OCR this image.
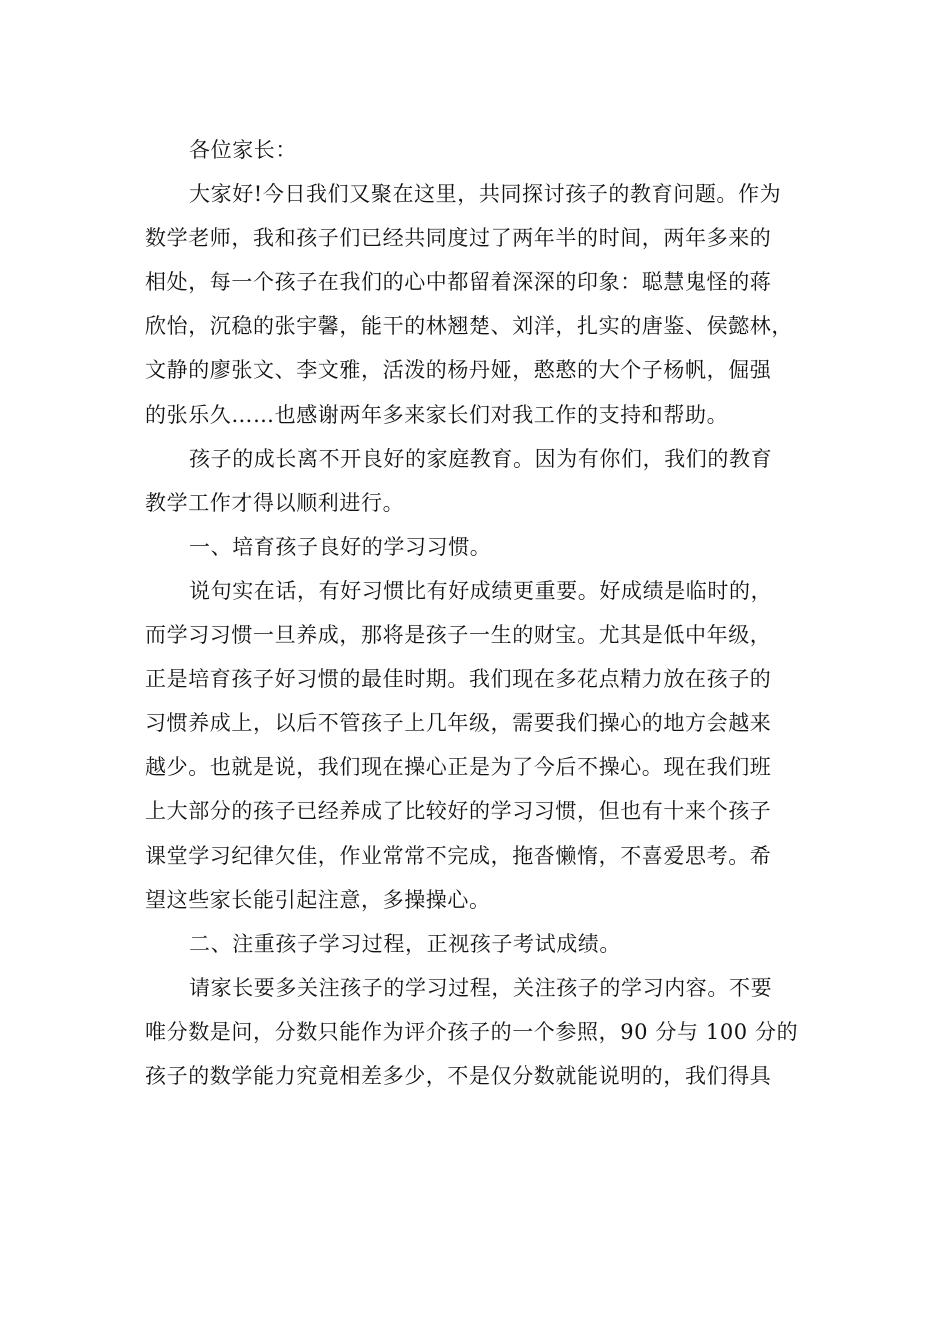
各位家长：
大家好!今日我们又聚在这里，共同探讨孩子的教育问题。作为
数学老师，我和孩子们已经共同度过了两年半的时间，两年多来的
相处，每一个孩子在我们的心中都留着深深的印象：聪慧鬼怪的蒋
欣怡，沉稳的张宇馨，能干的林翘楚、刘洋，扎实的唐鉴、侯懿林，
文静的廖张文、李文雅，活泼的杨丹娅，憨憨的大个子杨帆，倔强
的张乐久……也感谢两年多来家长们对我工作的支持和帮助。
孩子的成长离不开良好的家庭教育。因为有你们，我们的教育
教学工作才得以顺利进行。
一、培育孩子良好的学习习惯。
说句实在话，有好习惯比有好成绩更重要。好成绩是临时的，
而学习习惯一旦养成，那将是孩子一生的财宝。尤其是低中年级，
正是培育孩子好习惯的最佳时期。我们现在多花点精力放在孩子的
习惯养成上，以后不管孩子上几年级，需要我们操心的地方会越来
越少。也就是说，我们现在操心正是为了今后不操心。现在我们班
上大部分的孩子已经养成了比较好的学习习惯，但也有十来个孩子
课堂学习纪律欠佳，作业常常不完成，拖沓懒惰，不喜爱思考。希
望这些家长能引起注意，多操操心。
二、注重孩子学习过程，正视孩子考试成绩。
请家长要多关注孩子的学习过程，关注孩子的学习内容。不要
唯分数是问，分数只能作为评介孩子的一个参照，90 分与 100 分的
孩子的数学能力究竟相差多少，不是仅分数就能说明的，我们得具
